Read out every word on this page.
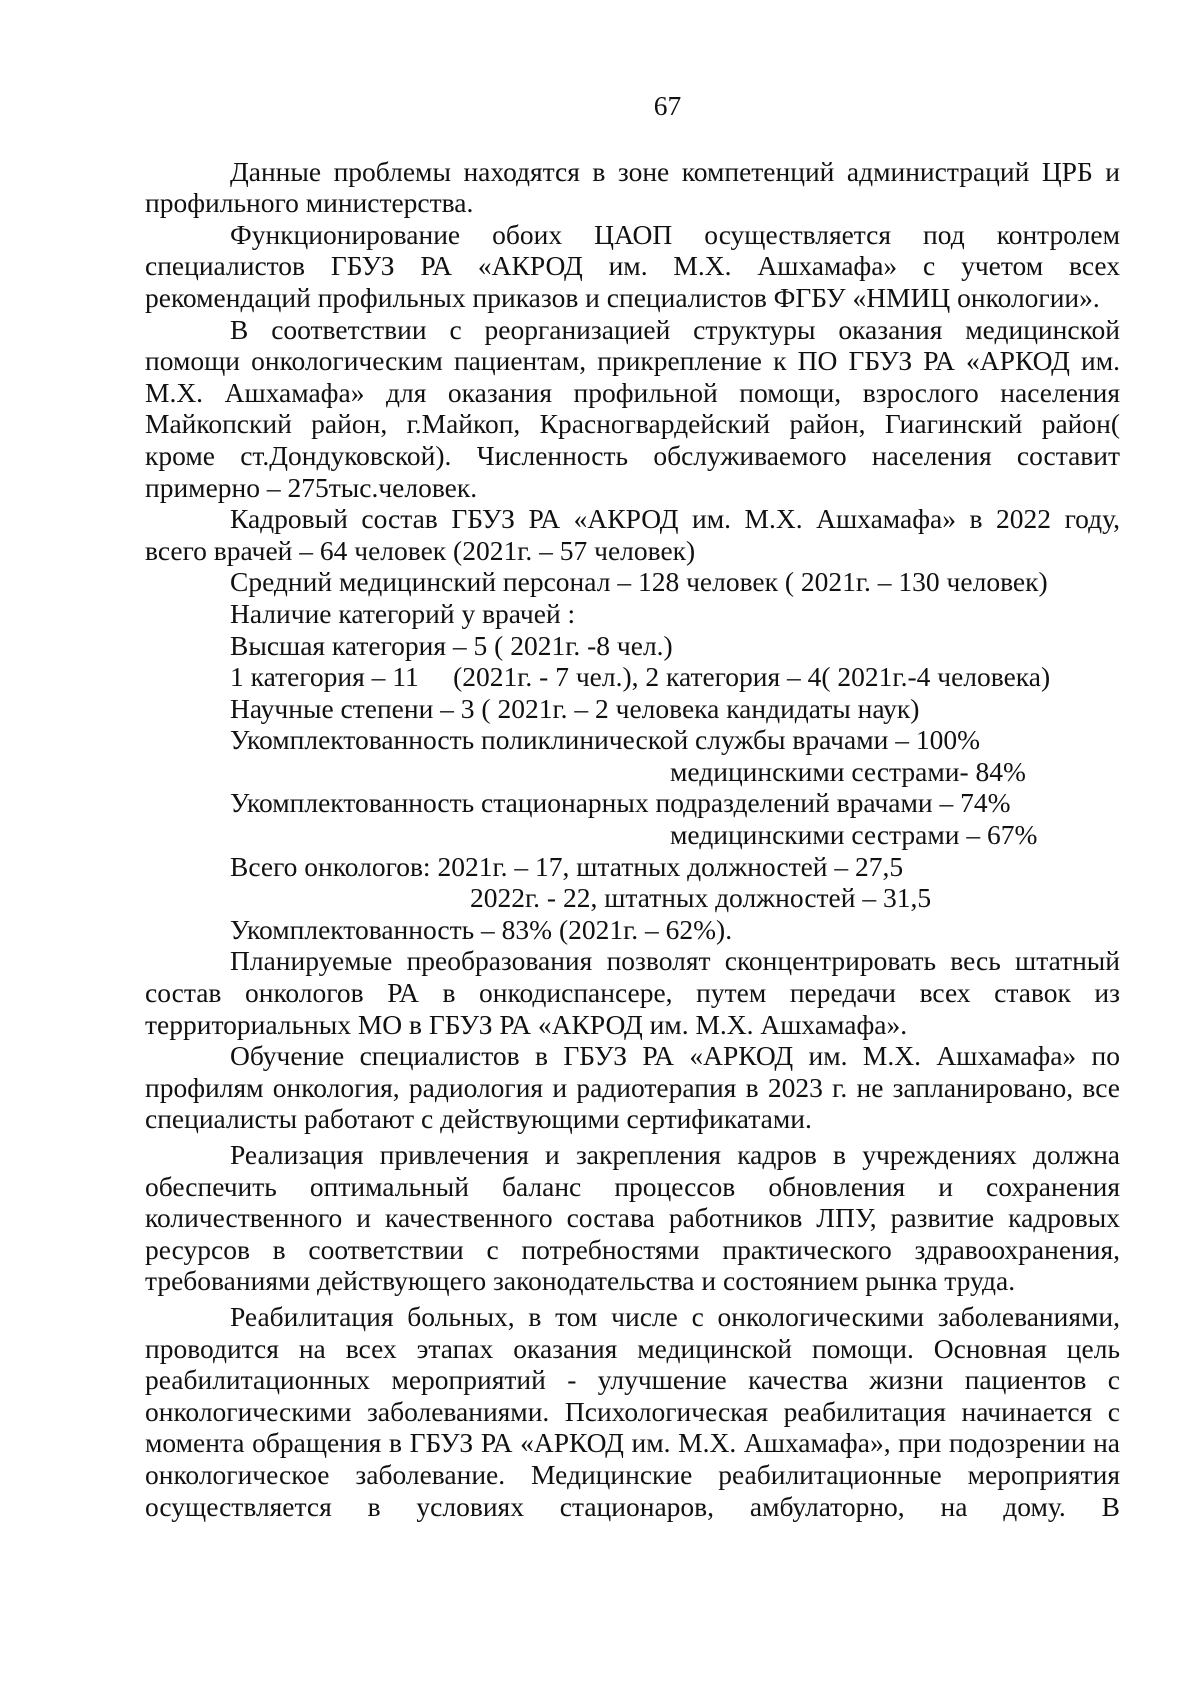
67

Данные проблемы находятся в зоне компетенций администраций ЦРБ и профильного министерства.

Функционирование обоих ЦАОП осуществляется под контролем специалистов ГБУЗ РА «АКРОД им. М.Х. Ашхамафа» с учетом всех рекомендаций профильных приказов и специалистов ФГБУ «НМИЦ онкологии».

В соответствии с реорганизацией структуры оказания медицинской помощи онкологическим пациентам, прикрепление к ПО ГБУЗ РА «АРКОД им. М.Х. Ашхамафа» для оказания профильной помощи, взрослого населения Майкопский район, г.Майкоп, Красногвардейский район, Гиагинский район( кроме ст.Дондуковской). Численность обслуживаемого населения составит примерно – 275тыс.человек.

Кадровый состав ГБУЗ РА «АКРОД им. М.Х. Ашхамафа» в 2022 году, всего врачей – 64 человек (2021г. – 57 человек)

Средний медицинский персонал – 128 человек ( 2021г. – 130 человек)

Наличие категорий у врачей :

Высшая категория – 5 ( 2021г. -8 чел.)

1 категория – 11     (2021г. - 7 чел.), 2 категория – 4( 2021г.-4 человека)

Научные степени – 3 ( 2021г. – 2 человека кандидаты наук)

Укомплектованность поликлинической службы врачами – 100%

медицинскими сестрами- 84%

Укомплектованность стационарных подразделений врачами – 74%

медицинскими сестрами – 67%

Всего онкологов: 2021г. – 17, штатных должностей – 27,5

2022г. - 22, штатных должностей – 31,5

Укомплектованность – 83% (2021г. – 62%).

Планируемые преобразования позволят сконцентрировать весь штатный состав онкологов РА в онкодиспансере, путем передачи всех ставок из территориальных МО в ГБУЗ РА «АКРОД им. М.Х. Ашхамафа».

Обучение специалистов в ГБУЗ РА «АРКОД им. М.Х. Ашхамафа» по профилям онкология, радиология и радиотерапия в 2023 г. не запланировано, все специалисты работают с действующими сертификатами.

Реализация привлечения и закрепления кадров в учреждениях должна обеспечить оптимальный баланс процессов обновления и сохранения количественного и качественного состава работников ЛПУ, развитие кадровых ресурсов в соответствии с потребностями практического здравоохранения, требованиями действующего законодательства и состоянием рынка труда.

Реабилитация больных, в том числе с онкологическими заболеваниями, проводится на всех этапах оказания медицинской помощи. Основная цель реабилитационных мероприятий - улучшение качества жизни пациентов с онкологическими заболеваниями. Психологическая реабилитация начинается с момента обращения в ГБУЗ РА «АРКОД им. М.Х. Ашхамафа», при подозрении на онкологическое заболевание. Медицинские реабилитационные мероприятия осуществляется в условиях стационаров, амбулаторно, на дому. В
